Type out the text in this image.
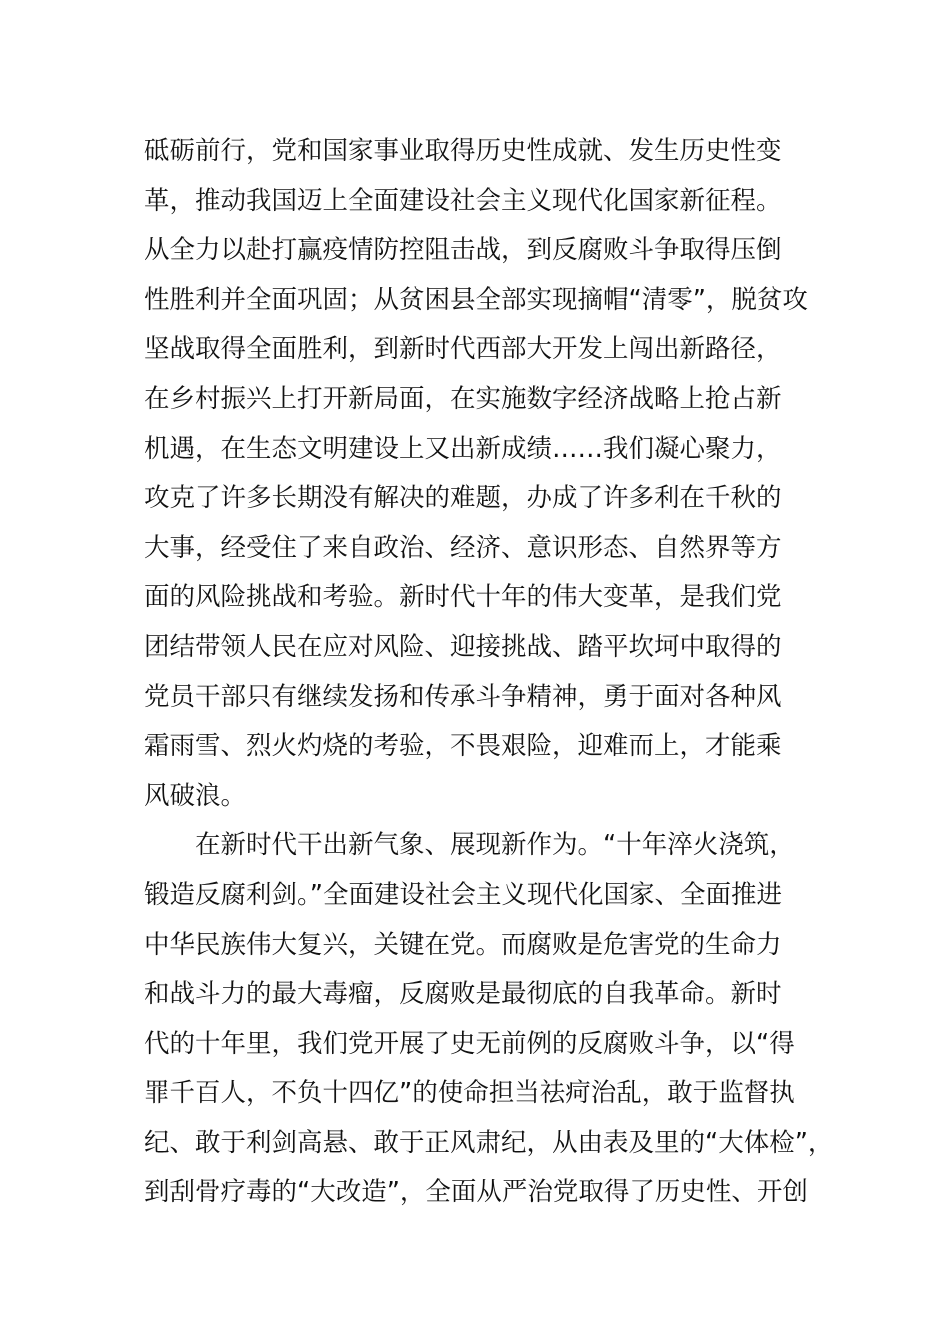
砥砺前行，党和国家事业取得历史性成就、发生历史性变
革，推动我国迈上全面建设社会主义现代化国家新征程。
从全力以赴打赢疫情防控阻击战，到反腐败斗争取得压倒
性胜利并全面巩固；从贫困县全部实现摘帽“清零”，脱贫攻
坚战取得全面胜利，到新时代西部大开发上闯出新路径，
在乡村振兴上打开新局面，在实施数字经济战略上抢占新
机遇，在生态文明建设上又出新成绩……我们凝心聚力，
攻克了许多长期没有解决的难题，办成了许多利在千秋的
大事，经受住了来自政治、经济、意识形态、自然界等方
面的风险挑战和考验。新时代十年的伟大变革，是我们党
团结带领人民在应对风险、迎接挑战、踏平坎坷中取得的
党员干部只有继续发扬和传承斗争精神，勇于面对各种风
霜雨雪、烈火灼烧的考验，不畏艰险，迎难而上，才能乘
风破浪。
在新时代干出新气象、展现新作为。“十年淬火浇筑，
锻造反腐利剑。”全面建设社会主义现代化国家、全面推进
中华民族伟大复兴，关键在党。而腐败是危害党的生命力
和战斗力的最大毒瘤，反腐败是最彻底的自我革命。新时
代的十年里，我们党开展了史无前例的反腐败斗争，以“得
罪千百人，不负十四亿”的使命担当祛疴治乱，敢于监督执
纪、敢于利剑高悬、敢于正风肃纪，从由表及里的“大体检”，
到刮骨疗毒的“大改造”，全面从严治党取得了历史性、开创
